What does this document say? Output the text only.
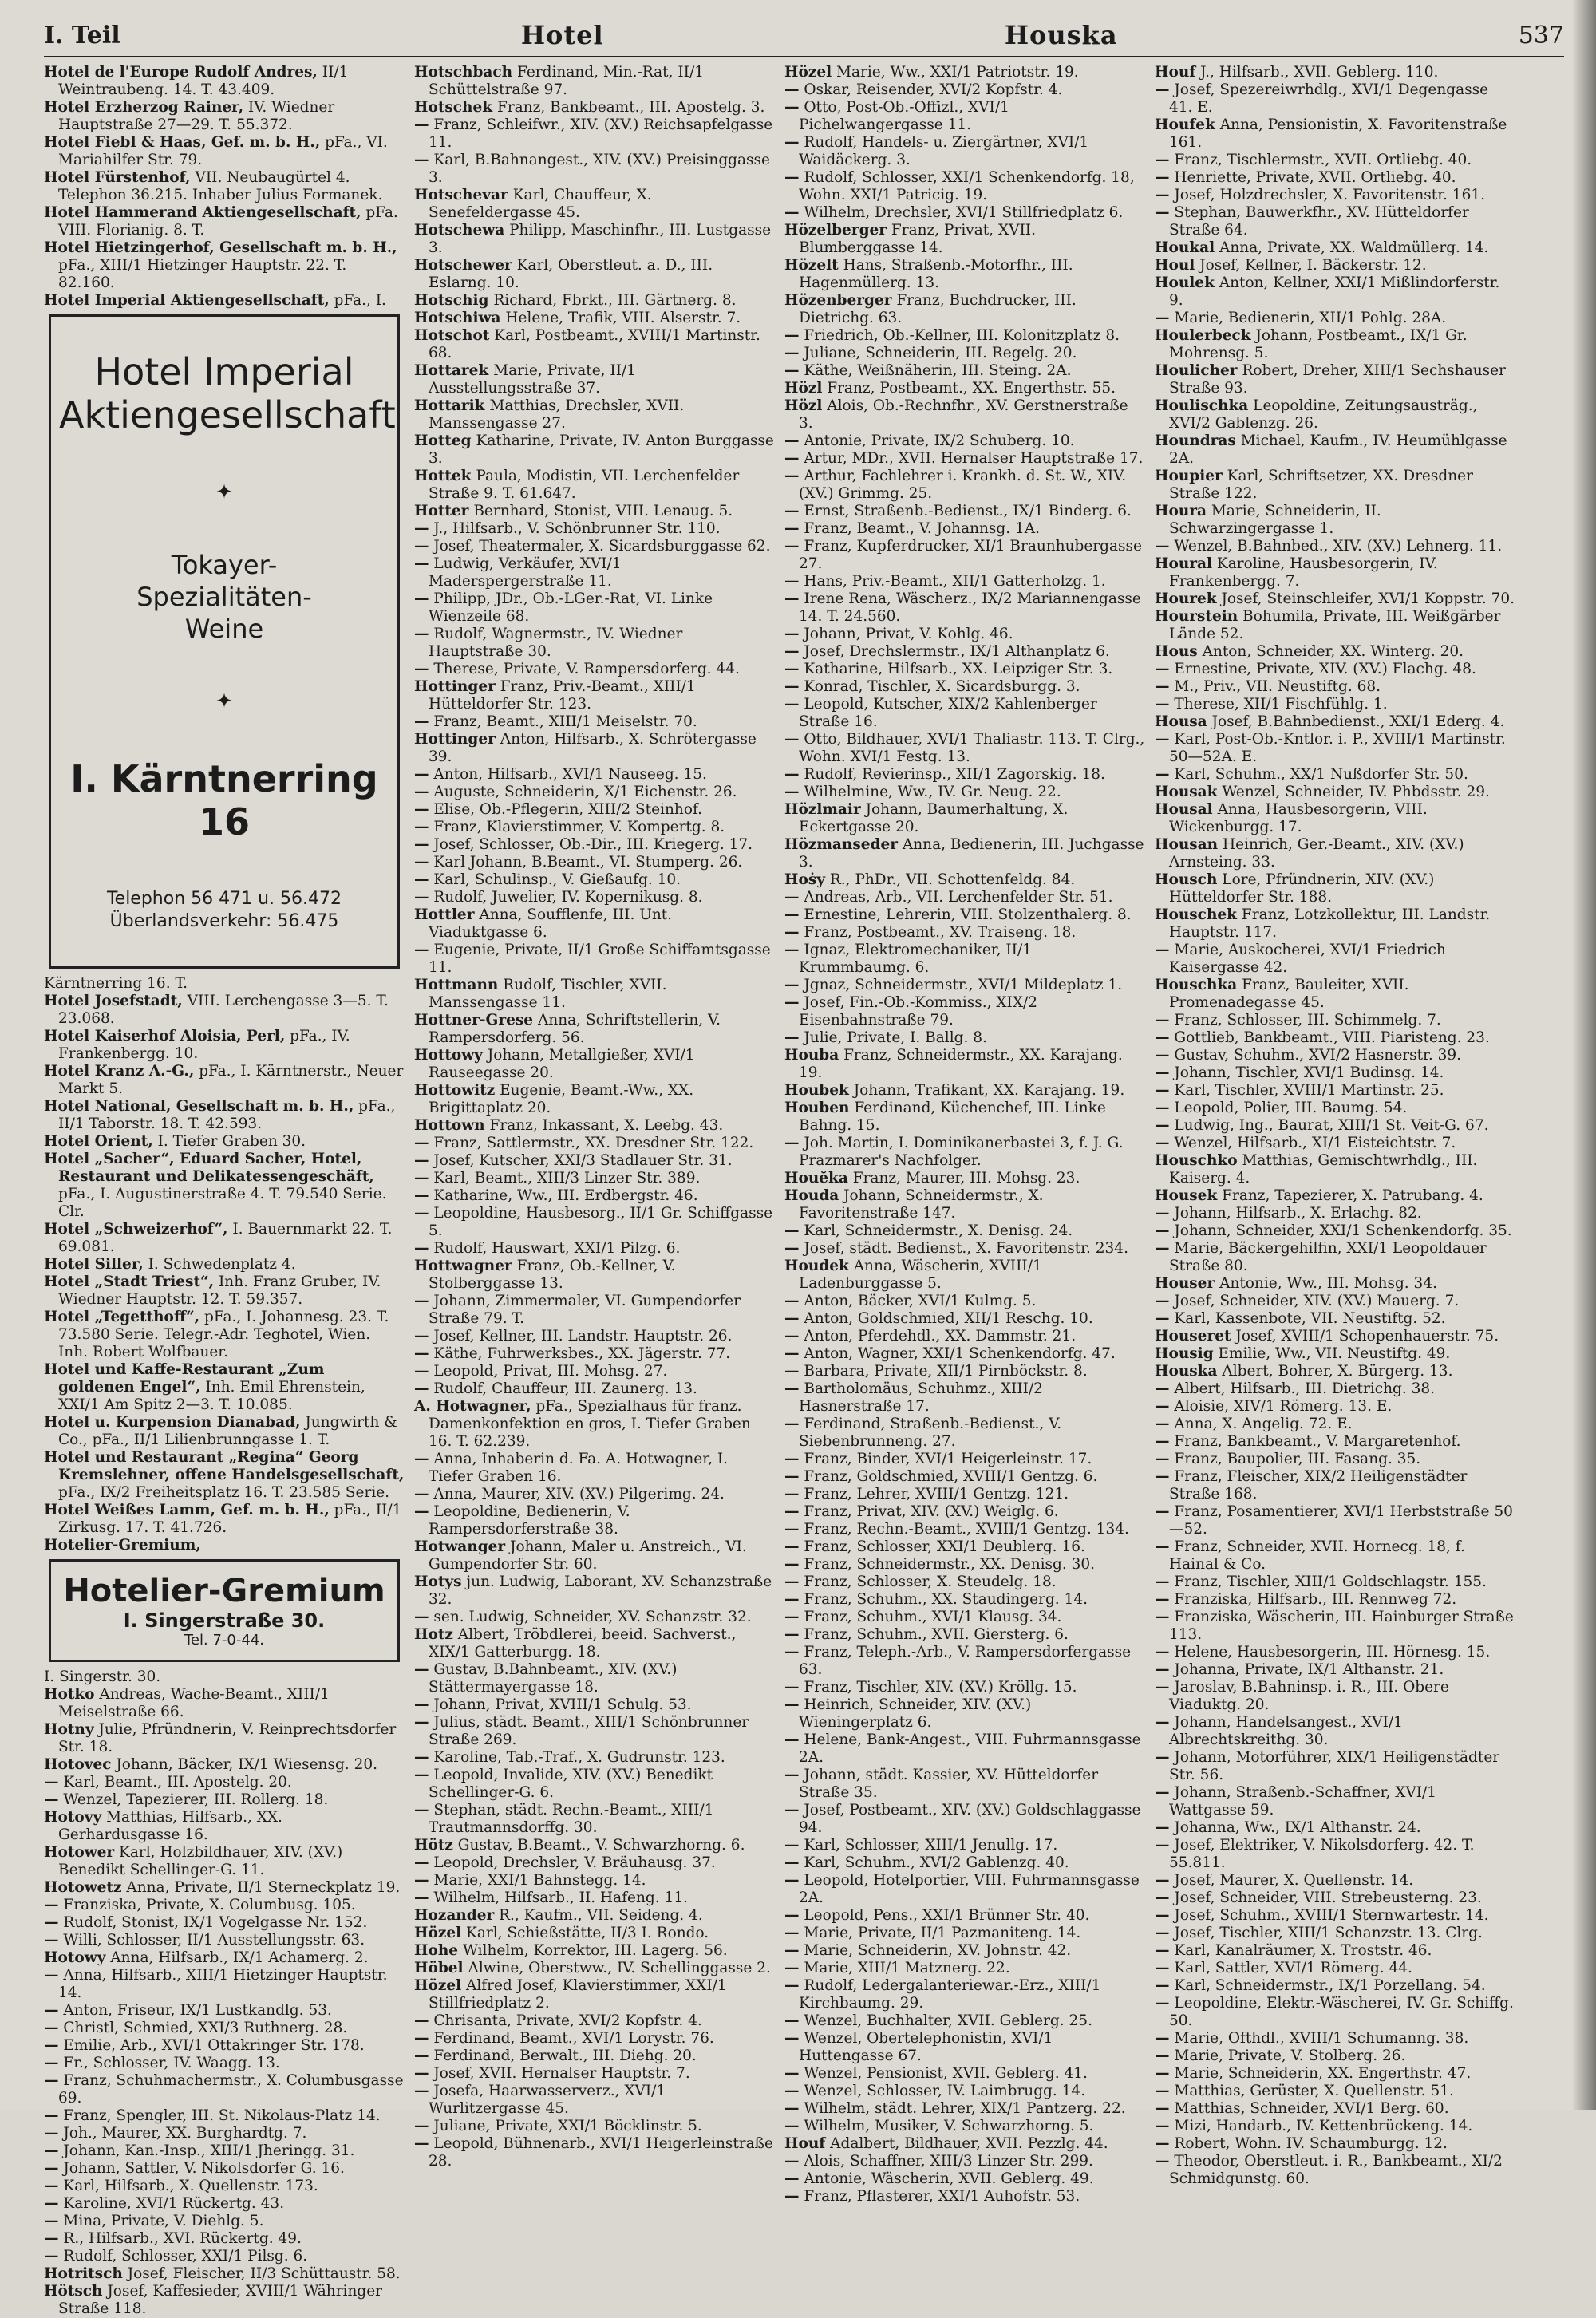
I. Teil	Hotel	Houska	537

Hotel de l'Europe Rudolf Andres, II/1 Weintraubeng. 14. T. 43.409.

Hotel Erzherzog Rainer, IV. Wiedner Hauptstraße 27—29. T. 55.372.

Hotel Fiebl & Haas, Gef. m. b. H., pFa., VI. Mariahilfer Str. 79.

Hotel Fürstenhof, VII. Neubaugürtel 4. Telephon 36.215. Inhaber Julius Formanek.

Hotel Hammerand Aktiengesellschaft, pFa. VIII. Florianig. 8. T.

Hotel Hietzingerhof, Gesellschaft m. b. H., pFa., XIII/1 Hietzinger Hauptstr. 22. T. 82.160.

Hotel Imperial Aktiengesellschaft, pFa., I.

Hotel Imperial
Aktiengesellschaft
✦
Tokayer-
Spezialitäten-
Weine
✦
I. Kärntnerring 16
Telephon 56 471 u. 56.472
Überlandsverkehr: 56.475

Kärntnerring 16. T.

Hotel Josefstadt, VIII. Lerchengasse 3—5. T. 23.068.

Hotel Kaiserhof Aloisia, Perl, pFa., IV. Frankenbergg. 10.

Hotel Kranz A.-G., pFa., I. Kärntnerstr., Neuer Markt 5.

Hotel National, Gesellschaft m. b. H., pFa., II/1 Taborstr. 18. T. 42.593.

Hotel Orient, I. Tiefer Graben 30.

Hotel „Sacher“, Eduard Sacher, Hotel, Restaurant und Delikatessengeschäft, pFa., I. Augustinerstraße 4. T. 79.540 Serie. Clr.

Hotel „Schweizerhof“, I. Bauernmarkt 22. T. 69.081.

Hotel Siller, I. Schwedenplatz 4.

Hotel „Stadt Triest“, Inh. Franz Gruber, IV. Wiedner Hauptstr. 12. T. 59.357.

Hotel „Tegetthoff“, pFa., I. Johannesg. 23. T. 73.580 Serie. Telegr.-Adr. Teghotel, Wien. Inh. Robert Wolfbauer.

Hotel und Kaffe-Restaurant „Zum goldenen Engel“, Inh. Emil Ehrenstein, XXI/1 Am Spitz 2—3. T. 10.085.

Hotel u. Kurpension Dianabad, Jungwirth & Co., pFa., II/1 Lilienbrunngasse 1. T.

Hotel und Restaurant „Regina“ Georg Kremslehner, offene Handelsgesellschaft, pFa., IX/2 Freiheitsplatz 16. T. 23.585 Serie.

Hotel Weißes Lamm, Gef. m. b. H., pFa., II/1 Zirkusg. 17. T. 41.726.

Hotelier-Gremium,

Hotelier-Gremium
I. Singerstraße 30.
Tel. 7-0-44.

I. Singerstr. 30.

Hotko Andreas, Wache-Beamt., XIII/1 Meiselstraße 66.

Hotny Julie, Pfründnerin, V. Reinprechtsdorfer Str. 18.

Hotovec Johann, Bäcker, IX/1 Wiesensg. 20.

— Karl, Beamt., III. Apostelg. 20.

— Wenzel, Tapezierer, III. Rollerg. 18.

Hotovy Matthias, Hilfsarb., XX. Gerhardusgasse 16.

Hotower Karl, Holzbildhauer, XIV. (XV.) Benedikt Schellinger-G. 11.

Hotowetz Anna, Private, II/1 Sterneckplatz 19.

— Franziska, Private, X. Columbusg. 105.

— Rudolf, Stonist, IX/1 Vogelgasse Nr. 152.

— Willi, Schlosser, II/1 Ausstellungsstr. 63.

Hotowy Anna, Hilfsarb., IX/1 Achamerg. 2.

— Anna, Hilfsarb., XIII/1 Hietzinger Hauptstr. 14.

— Anton, Friseur, IX/1 Lustkandlg. 53.

— Christl, Schmied, XXI/3 Ruthnerg. 28.

— Emilie, Arb., XVI/1 Ottakringer Str. 178.

— Fr., Schlosser, IV. Waagg. 13.

— Franz, Schuhmachermstr., X. Columbusgasse 69.

— Franz, Spengler, III. St. Nikolaus-Platz 14.

— Joh., Maurer, XX. Burghardtg. 7.

— Johann, Kan.-Insp., XIII/1 Jheringg. 31.

— Johann, Sattler, V. Nikolsdorfer G. 16.

— Karl, Hilfsarb., X. Quellenstr. 173.

— Karoline, XVI/1 Rückertg. 43.

— Mina, Private, V. Diehlg. 5.

— R., Hilfsarb., XVI. Rückertg. 49.

— Rudolf, Schlosser, XXI/1 Pilsg. 6.

Hotritsch Josef, Fleischer, II/3 Schüttaustr. 58.

Hötsch Josef, Kaffesieder, XVIII/1 Währinger Straße 118.

Hotschbach Ferdinand, Min.-Rat, II/1 Schüttelstraße 97.

Hotschek Franz, Bankbeamt., III. Apostelg. 3.

— Franz, Schleifwr., XIV. (XV.) Reichsapfelgasse 11.

— Karl, B.Bahnangest., XIV. (XV.) Preisinggasse 3.

Hotschevar Karl, Chauffeur, X. Senefeldergasse 45.

Hotschewa Philipp, Maschinfhr., III. Lustgasse 3.

Hotschewer Karl, Oberstleut. a. D., III. Eslarng. 10.

Hotschig Richard, Fbrkt., III. Gärtnerg. 8.

Hotschiwa Helene, Trafik, VIII. Alserstr. 7.

Hotschot Karl, Postbeamt., XVIII/1 Martinstr. 68.

Hottarek Marie, Private, II/1 Ausstellungsstraße 37.

Hottarik Matthias, Drechsler, XVII. Manssengasse 27.

Hotteg Katharine, Private, IV. Anton Burggasse 3.

Hottek Paula, Modistin, VII. Lerchenfelder Straße 9. T. 61.647.

Hotter Bernhard, Stonist, VIII. Lenaug. 5.

— J., Hilfsarb., V. Schönbrunner Str. 110.

— Josef, Theatermaler, X. Sicardsburggasse 62.

— Ludwig, Verkäufer, XVI/1 Maderspergerstraße 11.

— Philipp, JDr., Ob.-LGer.-Rat, VI. Linke Wienzeile 68.

— Rudolf, Wagnermstr., IV. Wiedner Hauptstraße 30.

— Therese, Private, V. Rampersdorferg. 44.

Hottinger Franz, Priv.-Beamt., XIII/1 Hütteldorfer Str. 123.

— Franz, Beamt., XIII/1 Meiselstr. 70.

Hottinger Anton, Hilfsarb., X. Schrötergasse 39.

— Anton, Hilfsarb., XVI/1 Nauseeg. 15.

— Auguste, Schneiderin, X/1 Eichenstr. 26.

— Elise, Ob.-Pflegerin, XIII/2 Steinhof.

— Franz, Klavierstimmer, V. Kompertg. 8.

— Josef, Schlosser, Ob.-Dir., III. Kriegerg. 17.

— Karl Johann, B.Beamt., VI. Stumperg. 26.

— Karl, Schulinsp., V. Gießaufg. 10.

— Rudolf, Juwelier, IV. Kopernikusg. 8.

Hottler Anna, Soufflenfe, III. Unt. Viaduktgasse 6.

— Eugenie, Private, II/1 Große Schiffamtsgasse 11.

Hottmann Rudolf, Tischler, XVII. Manssengasse 11.

Hottner-Grese Anna, Schriftstellerin, V. Rampersdorferg. 56.

Hottowy Johann, Metallgießer, XVI/1 Rauseegasse 20.

Hottowitz Eugenie, Beamt.-Ww., XX. Brigittaplatz 20.

Hottown Franz, Inkassant, X. Leebg. 43.

— Franz, Sattlermstr., XX. Dresdner Str. 122.

— Josef, Kutscher, XXI/3 Stadlauer Str. 31.

— Karl, Beamt., XIII/3 Linzer Str. 389.

— Katharine, Ww., III. Erdbergstr. 46.

— Leopoldine, Hausbesorg., II/1 Gr. Schiffgasse 5.

— Rudolf, Hauswart, XXI/1 Pilzg. 6.

Hottwagner Franz, Ob.-Kellner, V. Stolberggasse 13.

— Johann, Zimmermaler, VI. Gumpendorfer Straße 79. T.

— Josef, Kellner, III. Landstr. Hauptstr. 26.

— Käthe, Fuhrwerksbes., XX. Jägerstr. 77.

— Leopold, Privat, III. Mohsg. 27.

— Rudolf, Chauffeur, III. Zaunerg. 13.

A. Hotwagner, pFa., Spezialhaus für franz. Damenkonfektion en gros, I. Tiefer Graben 16. T. 62.239.

— Anna, Inhaberin d. Fa. A. Hotwagner, I. Tiefer Graben 16.

— Anna, Maurer, XIV. (XV.) Pilgerimg. 24.

— Leopoldine, Bedienerin, V. Rampersdorferstraße 38.

Hotwanger Johann, Maler u. Anstreich., VI. Gumpendorfer Str. 60.

Hotys jun. Ludwig, Laborant, XV. Schanzstraße 32.

— sen. Ludwig, Schneider, XV. Schanzstr. 32.

Hotz Albert, Tröbdlerei, beeid. Sachverst., XIX/1 Gatterburgg. 18.

— Gustav, B.Bahnbeamt., XIV. (XV.) Stättermayergasse 18.

— Johann, Privat, XVIII/1 Schulg. 53.

— Julius, städt. Beamt., XIII/1 Schönbrunner Straße 269.

— Karoline, Tab.-Traf., X. Gudrunstr. 123.

— Leopold, Invalide, XIV. (XV.) Benedikt Schellinger-G. 6.

— Stephan, städt. Rechn.-Beamt., XIII/1 Trautmannsdorffg. 30.

Hötz Gustav, B.Beamt., V. Schwarzhorng. 6.

— Leopold, Drechsler, V. Bräuhausg. 37.

— Marie, XXI/1 Bahnstegg. 14.

— Wilhelm, Hilfsarb., II. Hafeng. 11.

Hozander R., Kaufm., VII. Seideng. 4.

Hözel Karl, Schießstätte, II/3 I. Rondo.

Hohe Wilhelm, Korrektor, III. Lagerg. 56.

Höbel Alwine, Oberstww., IV. Schellinggasse 2.

Hözel Alfred Josef, Klavierstimmer, XXI/1 Stillfriedplatz 2.

— Chrisanta, Private, XVI/2 Kopfstr. 4.

— Ferdinand, Beamt., XVI/1 Lorystr. 76.

— Ferdinand, Berwalt., III. Diehg. 20.

— Josef, XVII. Hernalser Hauptstr. 7.

— Josefa, Haarwasserverz., XVI/1 Wurlitzergasse 45.

— Juliane, Private, XXI/1 Böcklinstr. 5.

— Leopold, Bühnenarb., XVI/1 Heigerleinstraße 28.

Hözel Marie, Ww., XXI/1 Patriotstr. 19.

— Oskar, Reisender, XVI/2 Kopfstr. 4.

— Otto, Post-Ob.-Offizl., XVI/1 Pichelwangergasse 11.

— Rudolf, Handels- u. Ziergärtner, XVI/1 Waidäckerg. 3.

— Rudolf, Schlosser, XXI/1 Schenkendorfg. 18, Wohn. XXI/1 Patricig. 19.

— Wilhelm, Drechsler, XVI/1 Stillfriedplatz 6.

Hözelberger Franz, Privat, XVII. Blumberggasse 14.

Hözelt Hans, Straßenb.-Motorfhr., III. Hagenmüllerg. 13.

Hözenberger Franz, Buchdrucker, III. Dietrichg. 63.

— Friedrich, Ob.-Kellner, III. Kolonitzplatz 8.

— Juliane, Schneiderin, III. Regelg. 20.

— Käthe, Weißnäherin, III. Steing. 2A.

Hözl Franz, Postbeamt., XX. Engerthstr. 55.

Hözl Alois, Ob.-Rechnfhr., XV. Gerstnerstraße 3.

— Antonie, Private, IX/2 Schuberg. 10.

— Artur, MDr., XVII. Hernalser Hauptstraße 17.

— Arthur, Fachlehrer i. Krankh. d. St. W., XIV. (XV.) Grimmg. 25.

— Ernst, Straßenb.-Bedienst., IX/1 Binderg. 6.

— Franz, Beamt., V. Johannsg. 1A.

— Franz, Kupferdrucker, XI/1 Braunhubergasse 27.

— Hans, Priv.-Beamt., XII/1 Gatterholzg. 1.

— Irene Rena, Wäscherz., IX/2 Mariannengasse 14. T. 24.560.

— Johann, Privat, V. Kohlg. 46.

— Josef, Drechslermstr., IX/1 Althanplatz 6.

— Katharine, Hilfsarb., XX. Leipziger Str. 3.

— Konrad, Tischler, X. Sicardsburgg. 3.

— Leopold, Kutscher, XIX/2 Kahlenberger Straße 16.

— Otto, Bildhauer, XVI/1 Thaliastr. 113. T. Clrg., Wohn. XVI/1 Festg. 13.

— Rudolf, Revierinsp., XII/1 Zagorskig. 18.

— Wilhelmine, Ww., IV. Gr. Neug. 22.

Hözlmair Johann, Baumerhaltung, X. Eckertgasse 20.

Hözmanseder Anna, Bedienerin, III. Juchgasse 3.

Hoṡy R., PhDr., VII. Schottenfeldg. 84.

— Andreas, Arb., VII. Lerchenfelder Str. 51.

— Ernestine, Lehrerin, VIII. Stolzenthalerg. 8.

— Franz, Postbeamt., XV. Traiseng. 18.

— Ignaz, Elektromechaniker, II/1 Krummbaumg. 6.

— Jgnaz, Schneidermstr., XVI/1 Mildeplatz 1.

— Josef, Fin.-Ob.-Kommiss., XIX/2 Eisenbahnstraße 79.

— Julie, Private, I. Ballg. 8.

Houba Franz, Schneidermstr., XX. Karajang. 19.

Houbek Johann, Trafikant, XX. Karajang. 19.

Houben Ferdinand, Küchenchef, III. Linke Bahng. 15.

— Joh. Martin, I. Dominikanerbastei 3, f. J. G. Prazmarer's Nachfolger.

Houĕka Franz, Maurer, III. Mohsg. 23.

Houda Johann, Schneidermstr., X. Favoritenstraße 147.

— Karl, Schneidermstr., X. Denisg. 24.

— Josef, städt. Bedienst., X. Favoritenstr. 234.

Houdek Anna, Wäscherin, XVIII/1 Ladenburggasse 5.

— Anton, Bäcker, XVI/1 Kulmg. 5.

— Anton, Goldschmied, XII/1 Reschg. 10.

— Anton, Pferdehdl., XX. Dammstr. 21.

— Anton, Wagner, XXI/1 Schenkendorfg. 47.

— Barbara, Private, XII/1 Pirnböckstr. 8.

— Bartholomäus, Schuhmz., XIII/2 Hasnerstraße 17.

— Ferdinand, Straßenb.-Bedienst., V. Siebenbrunneng. 27.

— Franz, Binder, XVI/1 Heigerleinstr. 17.

— Franz, Goldschmied, XVIII/1 Gentzg. 6.

— Franz, Lehrer, XVIII/1 Gentzg. 121.

— Franz, Privat, XIV. (XV.) Weiglg. 6.

— Franz, Rechn.-Beamt., XVIII/1 Gentzg. 134.

— Franz, Schlosser, XXI/1 Deublerg. 16.

— Franz, Schneidermstr., XX. Denisg. 30.

— Franz, Schlosser, X. Steudelg. 18.

— Franz, Schuhm., XX. Staudingerg. 14.

— Franz, Schuhm., XVI/1 Klausg. 34.

— Franz, Schuhm., XVII. Giersterg. 6.

— Franz, Teleph.-Arb., V. Rampersdorfergasse 63.

— Franz, Tischler, XIV. (XV.) Kröllg. 15.

— Heinrich, Schneider, XIV. (XV.) Wieningerplatz 6.

— Helene, Bank-Angest., VIII. Fuhrmannsgasse 2A.

— Johann, städt. Kassier, XV. Hütteldorfer Straße 35.

— Josef, Postbeamt., XIV. (XV.) Goldschlaggasse 94.

— Karl, Schlosser, XIII/1 Jenullg. 17.

— Karl, Schuhm., XVI/2 Gablenzg. 40.

— Leopold, Hotelportier, VIII. Fuhrmannsgasse 2A.

— Leopold, Pens., XXI/1 Brünner Str. 40.

— Marie, Private, II/1 Pazmaniteng. 14.

— Marie, Schneiderin, XV. Johnstr. 42.

— Marie, XIII/1 Matznerg. 22.

— Rudolf, Ledergalanteriewar.-Erz., XIII/1 Kirchbaumg. 29.

— Wenzel, Buchhalter, XVII. Geblerg. 25.

— Wenzel, Obertelephonistin, XVI/1 Huttengasse 67.

— Wenzel, Pensionist, XVII. Geblerg. 41.

— Wenzel, Schlosser, IV. Laimbrugg. 14.

— Wilhelm, städt. Lehrer, XIX/1 Pantzerg. 22.

— Wilhelm, Musiker, V. Schwarzhorng. 5.

Houf Adalbert, Bildhauer, XVII. Pezzlg. 44.

— Alois, Schaffner, XIII/3 Linzer Str. 299.

— Antonie, Wäscherin, XVII. Geblerg. 49.

— Franz, Pflasterer, XXI/1 Auhofstr. 53.

Houf J., Hilfsarb., XVII. Geblerg. 110.

— Josef, Spezereiwrhdlg., XVI/1 Degengasse 41. E.

Houfek Anna, Pensionistin, X. Favoritenstraße 161.

— Franz, Tischlermstr., XVII. Ortliebg. 40.

— Henriette, Private, XVII. Ortliebg. 40.

— Josef, Holzdrechsler, X. Favoritenstr. 161.

— Stephan, Bauwerkfhr., XV. Hütteldorfer Straße 64.

Houkal Anna, Private, XX. Waldmüllerg. 14.

Houl Josef, Kellner, I. Bäckerstr. 12.

Houlek Anton, Kellner, XXI/1 Mißlindorferstr. 9.

— Marie, Bedienerin, XII/1 Pohlg. 28A.

Houlerbeck Johann, Postbeamt., IX/1 Gr. Mohrensg. 5.

Houlicher Robert, Dreher, XIII/1 Sechshauser Straße 93.

Houlischka Leopoldine, Zeitungsausträg., XVI/2 Gablenzg. 26.

Houndras Michael, Kaufm., IV. Heumühlgasse 2A.

Houpier Karl, Schriftsetzer, XX. Dresdner Straße 122.

Houra Marie, Schneiderin, II. Schwarzingergasse 1.

— Wenzel, B.Bahnbed., XIV. (XV.) Lehnerg. 11.

Houral Karoline, Hausbesorgerin, IV. Frankenbergg. 7.

Hourek Josef, Steinschleifer, XVI/1 Koppstr. 70.

Hourstein Bohumila, Private, III. Weißgärber Lände 52.

Hous Anton, Schneider, XX. Winterg. 20.

— Ernestine, Private, XIV. (XV.) Flachg. 48.

— M., Priv., VII. Neustiftg. 68.

— Therese, XII/1 Fischfühlg. 1.

Housa Josef, B.Bahnbedienst., XXI/1 Ederg. 4.

— Karl, Post-Ob.-Kntlor. i. P., XVIII/1 Martinstr. 50—52A. E.

— Karl, Schuhm., XX/1 Nußdorfer Str. 50.

Housak Wenzel, Schneider, IV. Phbdsstr. 29.

Housal Anna, Hausbesorgerin, VIII. Wickenburgg. 17.

Housan Heinrich, Ger.-Beamt., XIV. (XV.) Arnsteing. 33.

Housch Lore, Pfründnerin, XIV. (XV.) Hütteldorfer Str. 188.

Houschek Franz, Lotzkollektur, III. Landstr. Hauptstr. 117.

— Marie, Auskocherei, XVI/1 Friedrich Kaisergasse 42.

Houschka Franz, Bauleiter, XVII. Promenadegasse 45.

— Franz, Schlosser, III. Schimmelg. 7.

— Gottlieb, Bankbeamt., VIII. Piaristeng. 23.

— Gustav, Schuhm., XVI/2 Hasnerstr. 39.

— Johann, Tischler, XVI/1 Budinsg. 14.

— Karl, Tischler, XVIII/1 Martinstr. 25.

— Leopold, Polier, III. Baumg. 54.

— Ludwig, Ing., Baurat, XIII/1 St. Veit-G. 67.

— Wenzel, Hilfsarb., XI/1 Eisteichtstr. 7.

Houschko Matthias, Gemischtwrhdlg., III. Kaiserg. 4.

Housek Franz, Tapezierer, X. Patrubang. 4.

— Johann, Hilfsarb., X. Erlachg. 82.

— Johann, Schneider, XXI/1 Schenkendorfg. 35.

— Marie, Bäckergehilfin, XXI/1 Leopoldauer Straße 80.

Houser Antonie, Ww., III. Mohsg. 34.

— Josef, Schneider, XIV. (XV.) Mauerg. 7.

— Karl, Kassenbote, VII. Neustiftg. 52.

Houseret Josef, XVIII/1 Schopenhauerstr. 75.

Housig Emilie, Ww., VII. Neustiftg. 49.

Houska Albert, Bohrer, X. Bürgerg. 13.

— Albert, Hilfsarb., III. Dietrichg. 38.

— Aloisie, XIV/1 Römerg. 13. E.

— Anna, X. Angelig. 72. E.

— Franz, Bankbeamt., V. Margaretenhof.

— Franz, Baupolier, III. Fasang. 35.

— Franz, Fleischer, XIX/2 Heiligenstädter Straße 168.

— Franz, Posamentierer, XVI/1 Herbststraße 50—52.

— Franz, Schneider, XVII. Hornecg. 18, f. Hainal & Co.

— Franz, Tischler, XIII/1 Goldschlagstr. 155.

— Franziska, Hilfsarb., III. Rennweg 72.

— Franziska, Wäscherin, III. Hainburger Straße 113.

— Helene, Hausbesorgerin, III. Hörnesg. 15.

— Johanna, Private, IX/1 Althanstr. 21.

— Jaroslav, B.Bahninsp. i. R., III. Obere Viaduktg. 20.

— Johann, Handelsangest., XVI/1 Albrechtskreithg. 30.

— Johann, Motorführer, XIX/1 Heiligenstädter Str. 56.

— Johann, Straßenb.-Schaffner, XVI/1 Wattgasse 59.

— Johanna, Ww., IX/1 Althanstr. 24.

— Josef, Elektriker, V. Nikolsdorferg. 42. T. 55.811.

— Josef, Maurer, X. Quellenstr. 14.

— Josef, Schneider, VIII. Strebeusterng. 23.

— Josef, Schuhm., XVIII/1 Sternwartestr. 14.

— Josef, Tischler, XIII/1 Schanzstr. 13. Clrg.

— Karl, Kanalräumer, X. Troststr. 46.

— Karl, Sattler, XVI/1 Römerg. 44.

— Karl, Schneidermstr., IX/1 Porzellang. 54.

— Leopoldine, Elektr.-Wäscherei, IV. Gr. Schiffg. 50.

— Marie, Ofthdl., XVIII/1 Schumanng. 38.

— Marie, Private, V. Stolberg. 26.

— Marie, Schneiderin, XX. Engerthstr. 47.

— Matthias, Gerüster, X. Quellenstr. 51.

— Matthias, Schneider, XVI/1 Berg. 60.

— Mizi, Handarb., IV. Kettenbrückeng. 14.

— Robert, Wohn. IV. Schaumburgg. 12.

— Theodor, Oberstleut. i. R., Bankbeamt., XI/2 Schmidgunstg. 60.
